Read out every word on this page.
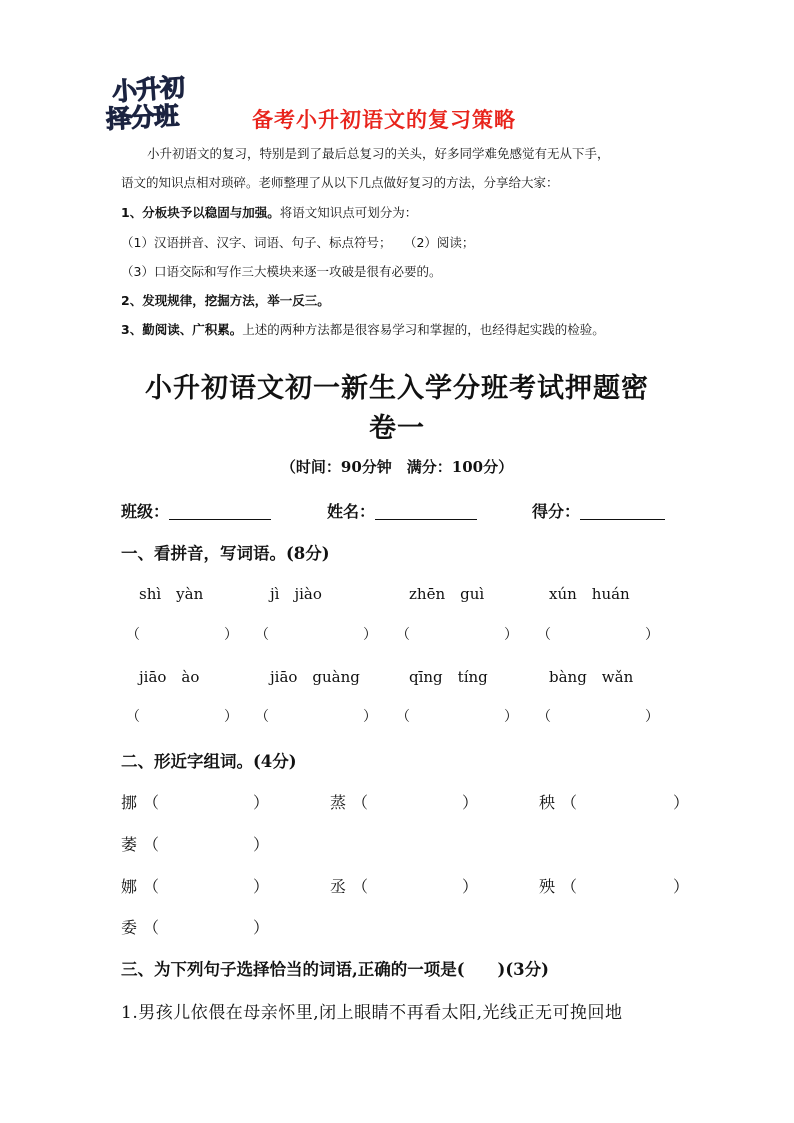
小升初
择分班	备考小升初语文的复习策略
小升初语文的复习，特别是到了最后总复习的关头，好多同学难免感觉有无从下手，
语文的知识点相对琐碎。老师整理了从以下几点做好复习的方法，分享给大家：
1、分板块予以稳固与加强。将语文知识点可划分为：
（1）汉语拼音、汉字、词语、句子、标点符号；　　（2）阅读；
（3）口语交际和写作三大模块来逐一攻破是很有必要的。
2、发现规律，挖掘方法，举一反三。
3、勤阅读、广积累。上述的两种方法都是很容易学习和掌握的，也经得起实践的检验。
小升初语文初一新生入学分班考试押题密
卷一
（时间：90分钟　满分：100分）
班级：	姓名：	得分：
一、看拼音，写词语。(8分)
shì　yàn	jì　jiào	zhēn　guì	xún　huán
（	） （	） （	） （	）
jiāo　ào	jiāo　guàng	qīng　tíng	bàng　wǎn
（	） （	） （	） （	）
二、形近字组词。(4分)
挪 （	）	蒸 （	）	秧 （	）
萎 （	）
娜 （	）	丞 （	）	殃 （	）
委 （	）
三、为下列句子选择恰当的词语,正确的一项是(　　)(3分)
1.男孩儿依偎在母亲怀里,闭上眼睛不再看太阳,光线正无可挽回地
